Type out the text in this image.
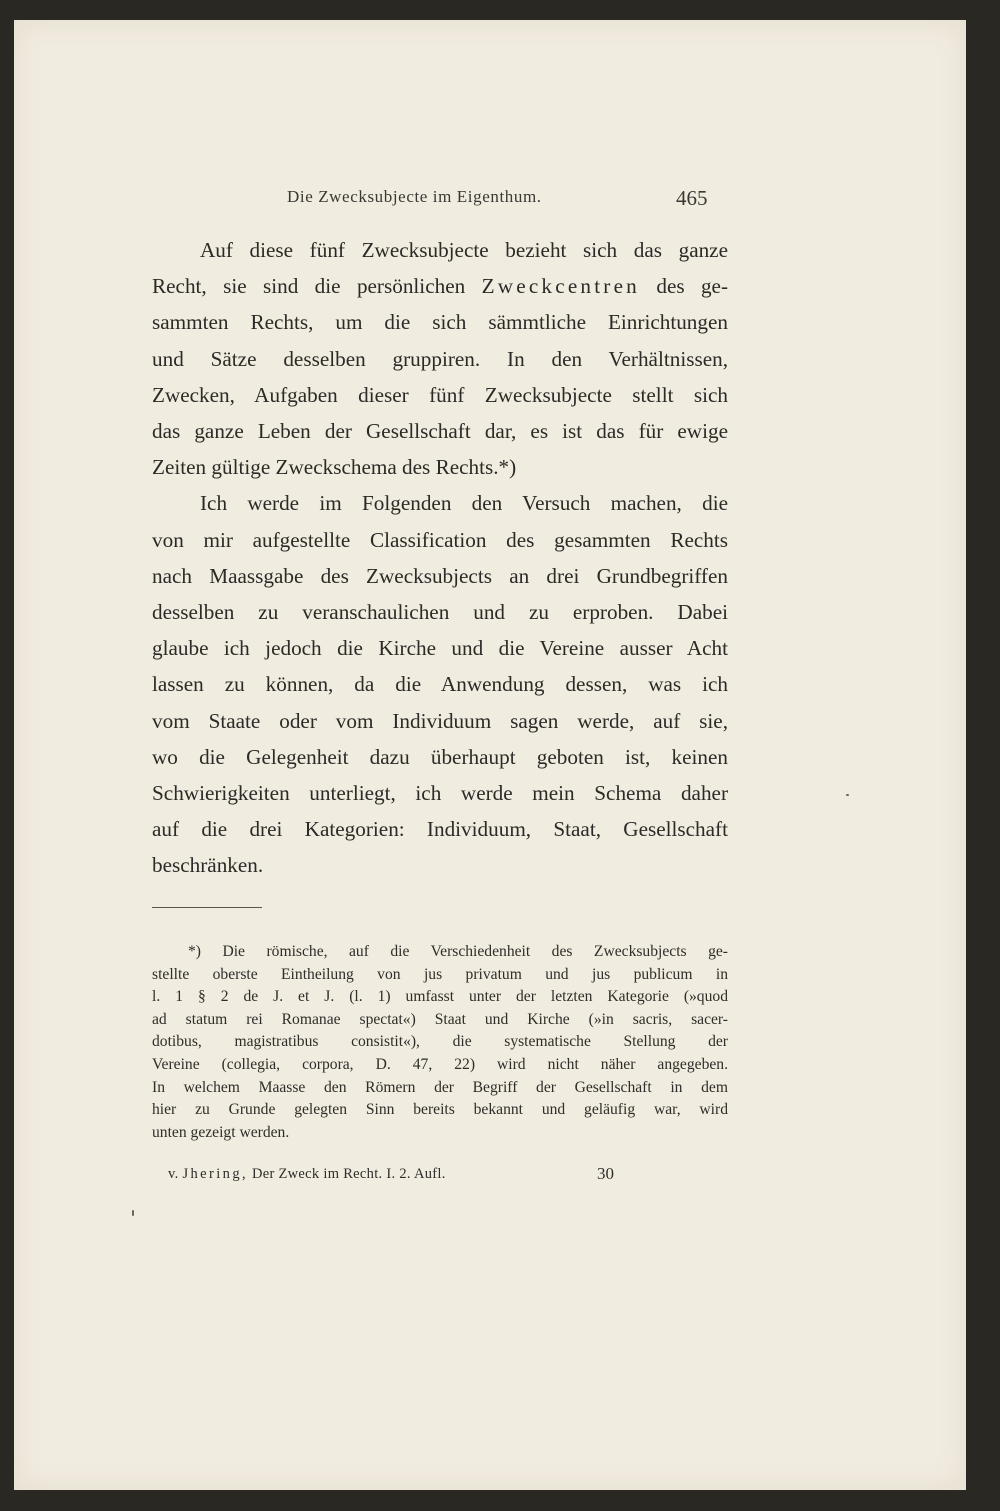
Die Zwecksubjecte im Eigenthum.	465
Auf diese fünf Zwecksubjecte bezieht sich das ganze
Recht, sie sind die persönlichen Zweckcentren des ge-
sammten Rechts, um die sich sämmtliche Einrichtungen
und Sätze desselben gruppiren. In den Verhältnissen,
Zwecken, Aufgaben dieser fünf Zwecksubjecte stellt sich
das ganze Leben der Gesellschaft dar, es ist das für ewige
Zeiten gültige Zweckschema des Rechts.*)
Ich werde im Folgenden den Versuch machen, die
von mir aufgestellte Classification des gesammten Rechts
nach Maassgabe des Zwecksubjects an drei Grundbegriffen
desselben zu veranschaulichen und zu erproben. Dabei
glaube ich jedoch die Kirche und die Vereine ausser Acht
lassen zu können, da die Anwendung dessen, was ich
vom Staate oder vom Individuum sagen werde, auf sie,
wo die Gelegenheit dazu überhaupt geboten ist, keinen
Schwierigkeiten unterliegt, ich werde mein Schema daher
auf die drei Kategorien: Individuum, Staat, Gesellschaft
beschränken.
*) Die römische, auf die Verschiedenheit des Zwecksubjects ge-
stellte oberste Eintheilung von jus privatum und jus publicum in
l. 1 § 2 de J. et J. (l. 1) umfasst unter der letzten Kategorie (»quod
ad statum rei Romanae spectat«) Staat und Kirche (»in sacris, sacer-
dotibus, magistratibus consistit«), die systematische Stellung der
Vereine (collegia, corpora, D. 47, 22) wird nicht näher angegeben.
In welchem Maasse den Römern der Begriff der Gesellschaft in dem
hier zu Grunde gelegten Sinn bereits bekannt und geläufig war, wird
unten gezeigt werden.
v. Jhering, Der Zweck im Recht. I. 2. Aufl.	30
